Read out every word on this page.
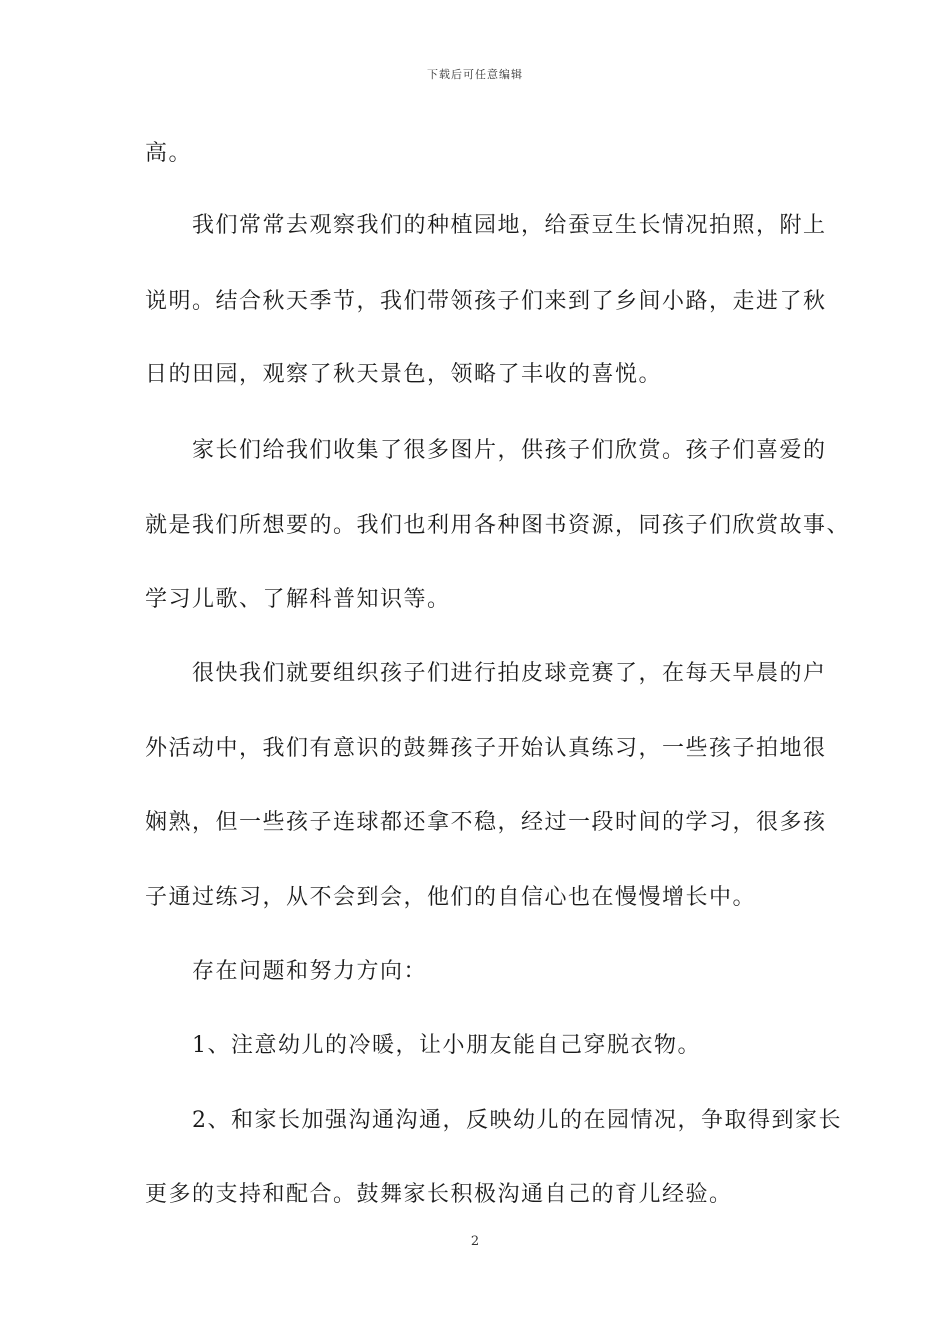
下载后可任意编辑
高。
我们常常去观察我们的种植园地，给蚕豆生长情况拍照，附上
说明。结合秋天季节，我们带领孩子们来到了乡间小路，走进了秋
日的田园，观察了秋天景色，领略了丰收的喜悦。
家长们给我们收集了很多图片，供孩子们欣赏。孩子们喜爱的
就是我们所想要的。我们也利用各种图书资源，同孩子们欣赏故事、
学习儿歌、了解科普知识等。
很快我们就要组织孩子们进行拍皮球竞赛了，在每天早晨的户
外活动中，我们有意识的鼓舞孩子开始认真练习，一些孩子拍地很
娴熟，但一些孩子连球都还拿不稳，经过一段时间的学习，很多孩
子通过练习，从不会到会，他们的自信心也在慢慢增长中。
存在问题和努力方向：
1、注意幼儿的冷暖，让小朋友能自己穿脱衣物。
2、和家长加强沟通沟通，反映幼儿的在园情况，争取得到家长
更多的支持和配合。鼓舞家长积极沟通自己的育儿经验。
2
